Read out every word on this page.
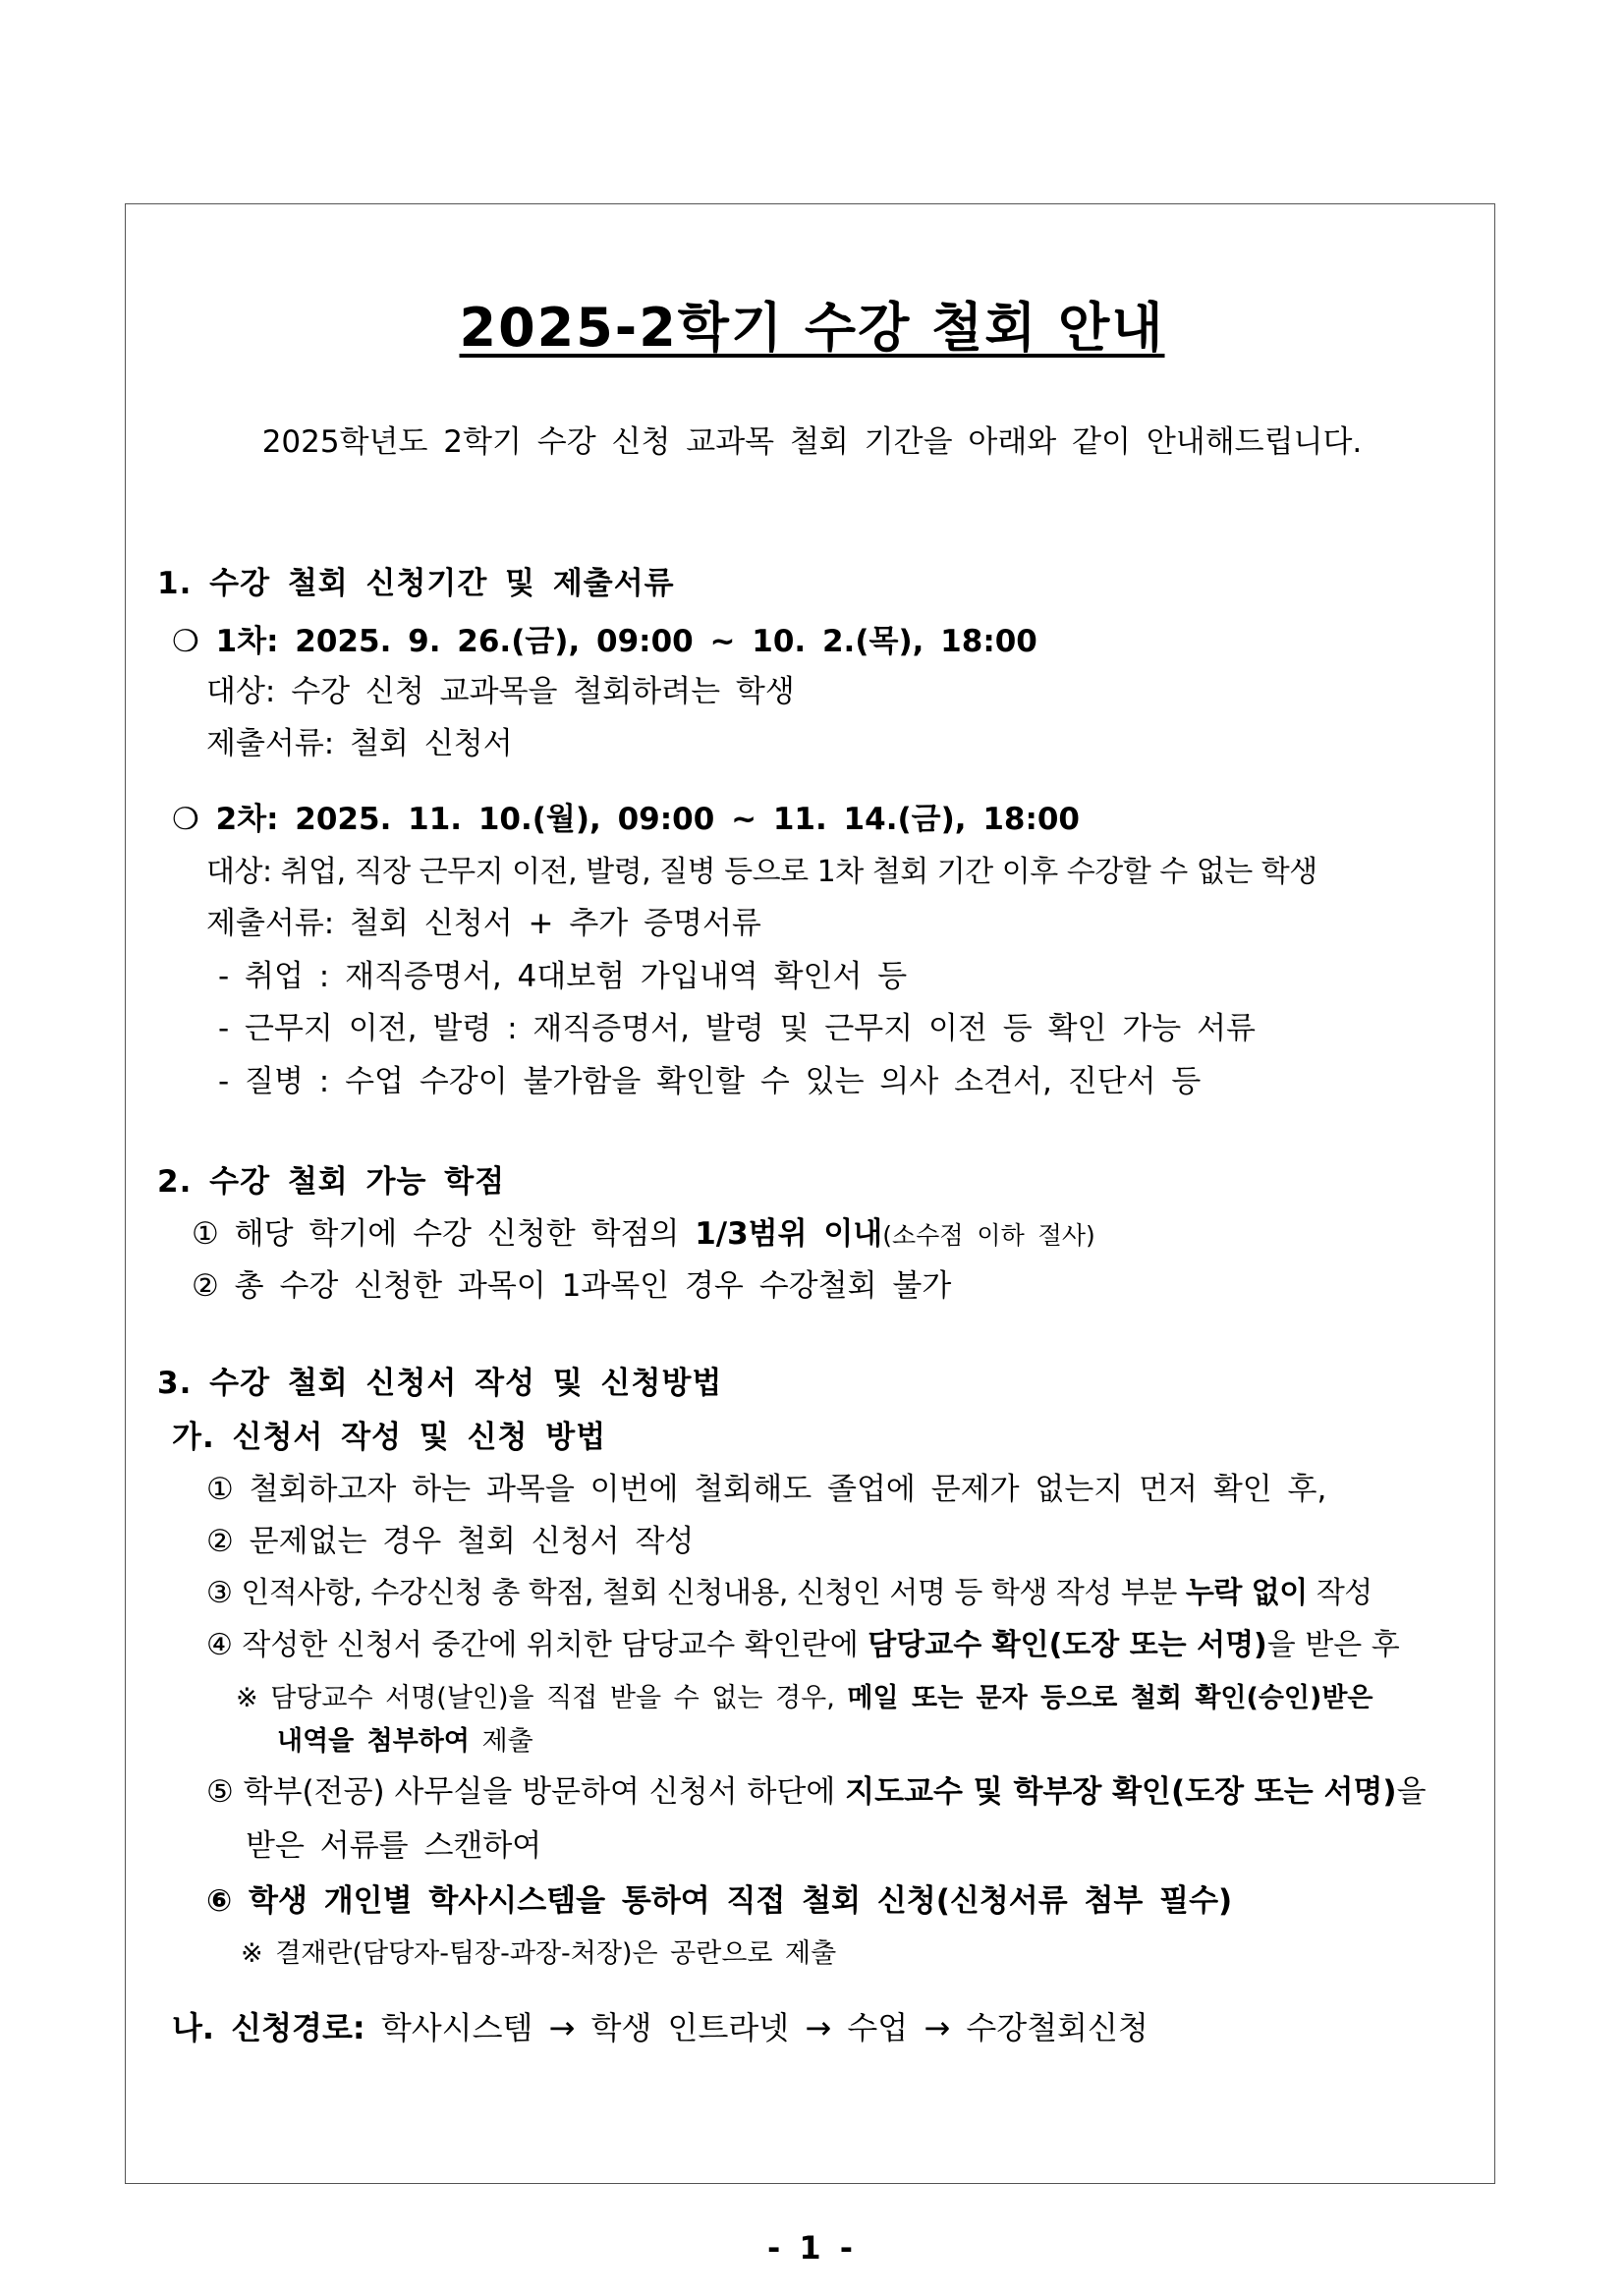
2025-2학기 수강 철회 안내
2025학년도 2학기 수강 신청 교과목 철회 기간을 아래와 같이 안내해드립니다.
1. 수강 철회 신청기간 및 제출서류
❍ 1차: 2025. 9. 26.(금), 09:00 ~ 10. 2.(목), 18:00
대상: 수강 신청 교과목을 철회하려는 학생
제출서류: 철회 신청서
❍ 2차: 2025. 11. 10.(월), 09:00 ~ 11. 14.(금), 18:00
대상: 취업, 직장 근무지 이전, 발령, 질병 등으로 1차 철회 기간 이후 수강할 수 없는 학생
제출서류: 철회 신청서 + 추가 증명서류
- 취업 : 재직증명서, 4대보험 가입내역 확인서 등
- 근무지 이전, 발령 : 재직증명서, 발령 및 근무지 이전 등 확인 가능 서류
- 질병 : 수업 수강이 불가함을 확인할 수 있는 의사 소견서, 진단서 등
2. 수강 철회 가능 학점
① 해당 학기에 수강 신청한 학점의 1/3범위 이내(소수점 이하 절사)
② 총 수강 신청한 과목이 1과목인 경우 수강철회 불가
3. 수강 철회 신청서 작성 및 신청방법
가. 신청서 작성 및 신청 방법
① 철회하고자 하는 과목을 이번에 철회해도 졸업에 문제가 없는지 먼저 확인 후,
② 문제없는 경우 철회 신청서 작성
③ 인적사항, 수강신청 총 학점, 철회 신청내용, 신청인 서명 등 학생 작성 부분 누락 없이 작성
④ 작성한 신청서 중간에 위치한 담당교수 확인란에 담당교수 확인(도장 또는 서명)을 받은 후
※ 담당교수 서명(날인)을 직접 받을 수 없는 경우, 메일 또는 문자 등으로 철회 확인(승인)받은
내역을 첨부하여 제출
⑤ 학부(전공) 사무실을 방문하여 신청서 하단에 지도교수 및 학부장 확인(도장 또는 서명)을
받은 서류를 스캔하여
⑥ 학생 개인별 학사시스템을 통하여 직접 철회 신청(신청서류 첨부 필수)
※ 결재란(담당자-팀장-과장-처장)은 공란으로 제출
나. 신청경로: 학사시스템 → 학생 인트라넷 → 수업 → 수강철회신청
- 1 -
